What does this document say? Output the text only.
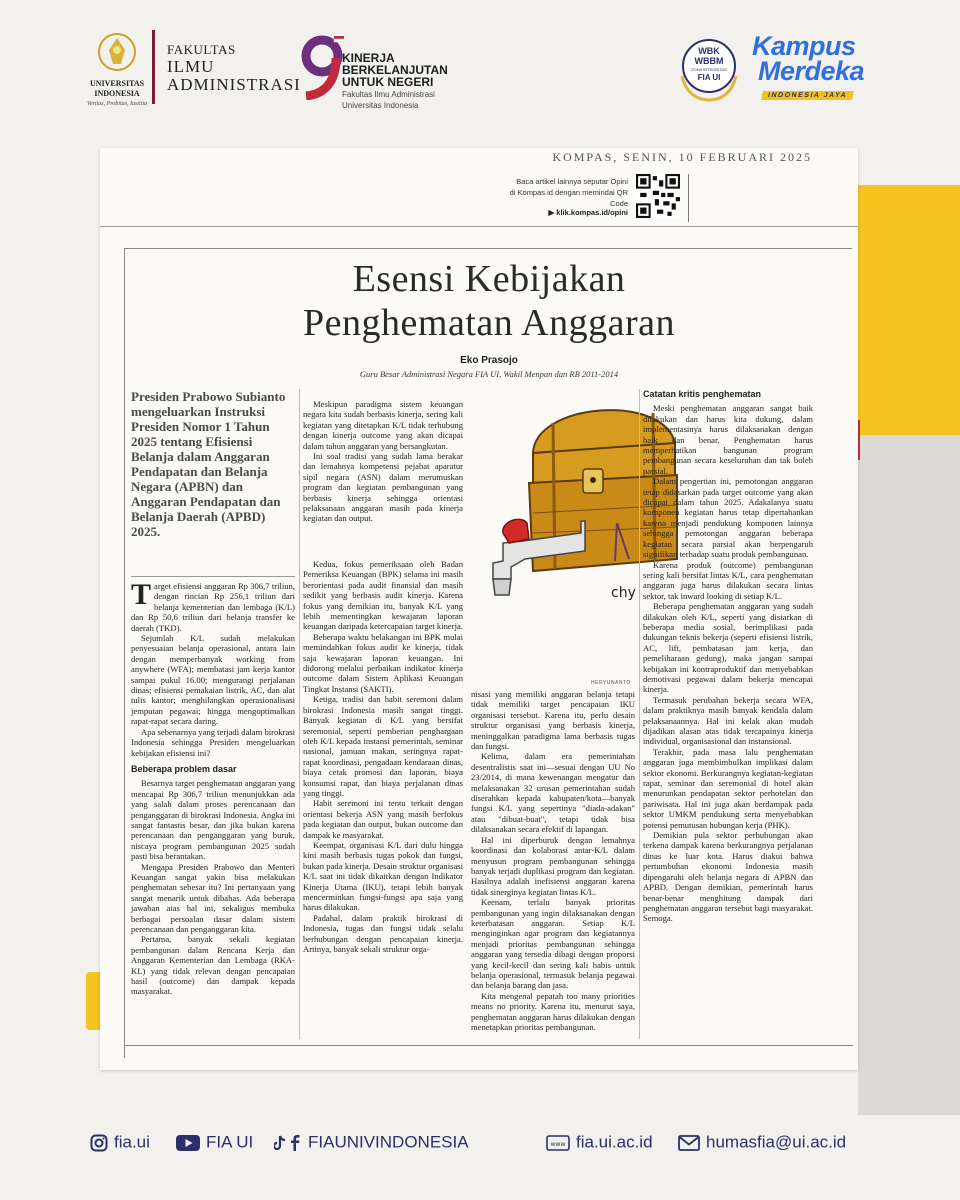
UNIVERSITAS INDONESIA
Veritas, Probitas, Iustitia
FAKULTAS
ILMU
ADMINISTRASI
KINERJA
BERKELANJUTAN
UNTUK NEGERI
Fakultas Ilmu Administrasi
Universitas Indonesia
WBK
WBBM
ZONA INTEGRITAS
FIA UI
Kampus
Merdeka
INDONESIA JAYA
KOMPAS, SENIN, 10 FEBRUARI 2025
Baca artikel lainnya seputar Opini
di Kompas.id dengan memindai QR Code
▶ klik.kompas.id/opini
Esensi Kebijakan
Penghematan Anggaran
Eko Prasojo
Guru Besar Administrasi Negara FIA UI, Wakil Menpan dan RB 2011-2014
Presiden Prabowo Subianto mengeluarkan Instruksi Presiden Nomor 1 Tahun 2025 tentang Efisiensi Belanja dalam Anggaran Pendapatan dan Belanja Negara (APBN) dan Anggaran Pendapatan dan Belanja Daerah (APBD) 2025.

Target efisiensi anggaran Rp 306,7 triliun, dengan rincian Rp 256,1 triliun dari belanja kementerian dan lembaga (K/L) dan Rp 50,6 triliun dari belanja transfer ke daerah (TKD).

Sejumlah K/L sudah melakukan penyesuaian belanja operasional, antara lain dengan memperbanyak working from anywhere (WFA); membatasi jam kerja kantor sampai pukul 16.00; mengurangi perjalanan dinas; efisiensi pemakaian listrik, AC, dan alat tulis kantor; menghilangkan operasionalisasi jemputan pegawai; hingga mengoptimalkan rapat-rapat secara daring.

Apa sebenarnya yang terjadi dalam birokrasi Indonesia sehingga Presiden mengeluarkan kebijakan efisiensi ini?

Beberapa problem dasar

Besarnya target penghematan anggaran yang mencapai Rp 306,7 triliun menunjukkan ada yang salah dalam proses perencanaan dan penganggaran di birokrasi Indonesia. Angka ini sangat fantastis besar, dan jika bukan karena perencanaan dan penganggaran yang buruk, niscaya program pembangunan 2025 sudah pasti bisa berantakan.

Mengapa Presiden Prabowo dan Menteri Keuangan sangat yakin bisa melakukan penghematan sebesar itu? Ini pertanyaan yang sangat menarik untuk dibahas. Ada beberapa jawaban atas hal ini, sekaligus membuka berbagai persoalan dasar dalam sistem perencanaan dan penganggaran kita.

Pertama, banyak sekali kegiatan pembangunan dalam Rencana Kerja dan Anggaran Kementerian dan Lembaga (RKA-KL) yang tidak relevan dengan pencapaian hasil (outcome) dan dampak kepada masyarakat.

Meskipun paradigma sistem keuangan negara kita sudah berbasis kinerja, sering kali kegiatan yang ditetapkan K/L tidak terhubung dengan kinerja outcome yang akan dicapai dalam tahun anggaran yang bersangkutan.

Ini soal tradisi yang sudah lama berakar dan lemahnya kompetensi pejabat aparatur sipil negara (ASN) dalam merumuskan program dan kegiatan pembangunan yang berbasis kinerja sehingga orientasi pelaksanaan anggaran masih pada kinerja kegiatan dan output.

Kedua, fokus pemeriksaan oleh Badan Pemeriksa Keuangan (BPK) selama ini masih berorientasi pada audit finansial dan masih sedikit yang berbasis audit kinerja. Karena fokus yang demikian itu, banyak K/L yang lebih mementingkan kewajaran laporan keuangan daripada ketercapaian target kinerja.

Beberapa waktu belakangan ini BPK mulai memindahkan fokus audit ke kinerja, tidak saja kewajaran laporan keuangan. Ini didorong melalui perbaikan indikator kinerja outcome dalam Sistem Aplikasi Keuangan Tingkat Instansi (SAKTI).

Ketiga, tradisi dan habit seremoni dalam birokrasi Indonesia masih sangat tinggi. Banyak kegiatan di K/L yang bersifat seremonial, seperti pemberian penghargaan oleh K/L kepada instansi pemerintah, seminar nasional, jamuan makan, seringnya rapat-rapat koordinasi, pengadaan kendaraan dinas, biaya cetak promosi dan laporan, biaya konsumsi rapat, dan biaya perjalanan dinas yang tinggi.

Habit seremoni ini tentu terkait dengan orientasi bekerja ASN yang masih berfokus pada kegiatan dan output, bukan outcome dan dampak ke masyarakat.

Keempat, organisasi K/L dari dulu hingga kini masih berbasis tugas pokok dan fungsi, bukan pada kinerja. Desain struktur organisasi K/L saat ini tidak dikaitkan dengan Indikator Kinerja Utama (IKU), tetapi lebih banyak mencerminkan fungsi-fungsi apa saja yang harus dilakukan.

Padahal, dalam praktik birokrasi di Indonesia, tugas dan fungsi tidak selalu berhubungan dengan pencapaian kinerja. Artinya, banyak sekali struktur orga-

chy
HERYUNANTO

nisasi yang memiliki anggaran belanja tetapi tidak memiliki target pencapaian IKU organisasi tersebut. Karena itu, perlu desain struktur organisasi yang berbasis kinerja, meninggalkan paradigma lama berbasis tugas dan fungsi.

Kelima, dalam era pemerintahan desentralistis saat ini—sesuai dengan UU No 23/2014, di mana kewenangan mengatur dan melaksanakan 32 urusan pemerintahan sudah diserahkan kepada kabupaten/kota—banyak fungsi K/L yang sepertinya "diada-adakan" atau "dibuat-buat", tetapi tidak bisa dilaksanakan secara efektif di lapangan.

Hal ini diperburuk dengan lemahnya koordinasi dan kolaborasi antar-K/L dalam menyusun program pembangunan sehingga banyak terjadi duplikasi program dan kegiatan. Hasilnya adalah inefisiensi anggaran karena tidak sinerginya kegiatan lintas K/L.

Keenam, terlalu banyak prioritas pembangunan yang ingin dilaksanakan dengan keterbatasan anggaran. Setiap K/L menginginkan agar program dan kegiatannya menjadi prioritas pembangunan sehingga anggaran yang tersedia dibagi dengan proporsi yang kecil-kecil dan sering kali habis untuk belanja operasional, termasuk belanja pegawai dan belanja barang dan jasa.

Kita mengenal pepatah too many priorities means no priority. Karena itu, menurut saya, penghematan anggaran harus dilakukan dengan menetapkan prioritas pembangunan.

Catatan kritis penghematan

Meski penghematan anggaran sangat baik dilakukan dan harus kita dukung, dalam implementasinya harus dilaksanakan dengan baik dan benar. Penghematan harus memperhatikan bangunan program pembangunan secara keseluruhan dan tak boleh parsial.

Dalam pengertian ini, pemotongan anggaran tetap didasarkan pada target outcome yang akan dicapai dalam tahun 2025. Adakalanya suatu komponen kegiatan harus tetap dipertahankan karena menjadi pendukung komponen lainnya sehingga pemotongan anggaran beberapa kegiatan secara parsial akan berpengaruh signifikan terhadap suatu produk pembangunan.

Karena produk (outcome) pembangunan sering kali bersifat lintas K/L, cara penghematan anggaran juga harus dilakukan secara lintas sektor, tak inward looking di setiap K/L.

Beberapa penghematan anggaran yang sudah dilakukan oleh K/L, seperti yang disiarkan di beberapa media sosial, berimplikasi pada dukungan teknis bekerja (seperti efisiensi listrik, AC, lift, pembatasan jam kerja, dan pemeliharaan gedung), maka jangan sampai kebijakan ini kontraproduktif dan menyebabkan demotivasi pegawai dalam bekerja mencapai kinerja.

Termasuk perubahan bekerja secara WFA, dalam praktiknya masih banyak kendala dalam pelaksanaannya. Hal ini kelak akan mudah dijadikan alasan atas tidak tercapainya kinerja individual, organisasional dan instansional.

Terakhir, pada masa lalu penghematan anggaran juga membimbulkan implikasi dalam sektor ekonomi. Berkurangnya kegiatan-kegiatan rapat, seminar dan seremonial di hotel akan menurunkan pendapatan sektor perhotelan dan pariwisata. Hal ini juga akan berdampak pada sektor UMKM pendukung serta menyebabkan potensi pemutusan hubungan kerja (PHK).

Demikian pula sektor perhubungan akan terkena dampak karena berkurangnya perjalanan dinas ke luar kota. Harus diakui bahwa pertumbuhan ekonomi Indonesia masih dipengaruhi oleh belanja negara di APBN dan APBD. Dengan demikian, pemerintah harus benar-benar menghitung dampak dari penghematan anggaran tersebut bagi masyarakat. Semoga.

fia.ui	FIA UI	FIAUNIVINDONESIA	www fia.ui.ac.id	humasfia@ui.ac.id
